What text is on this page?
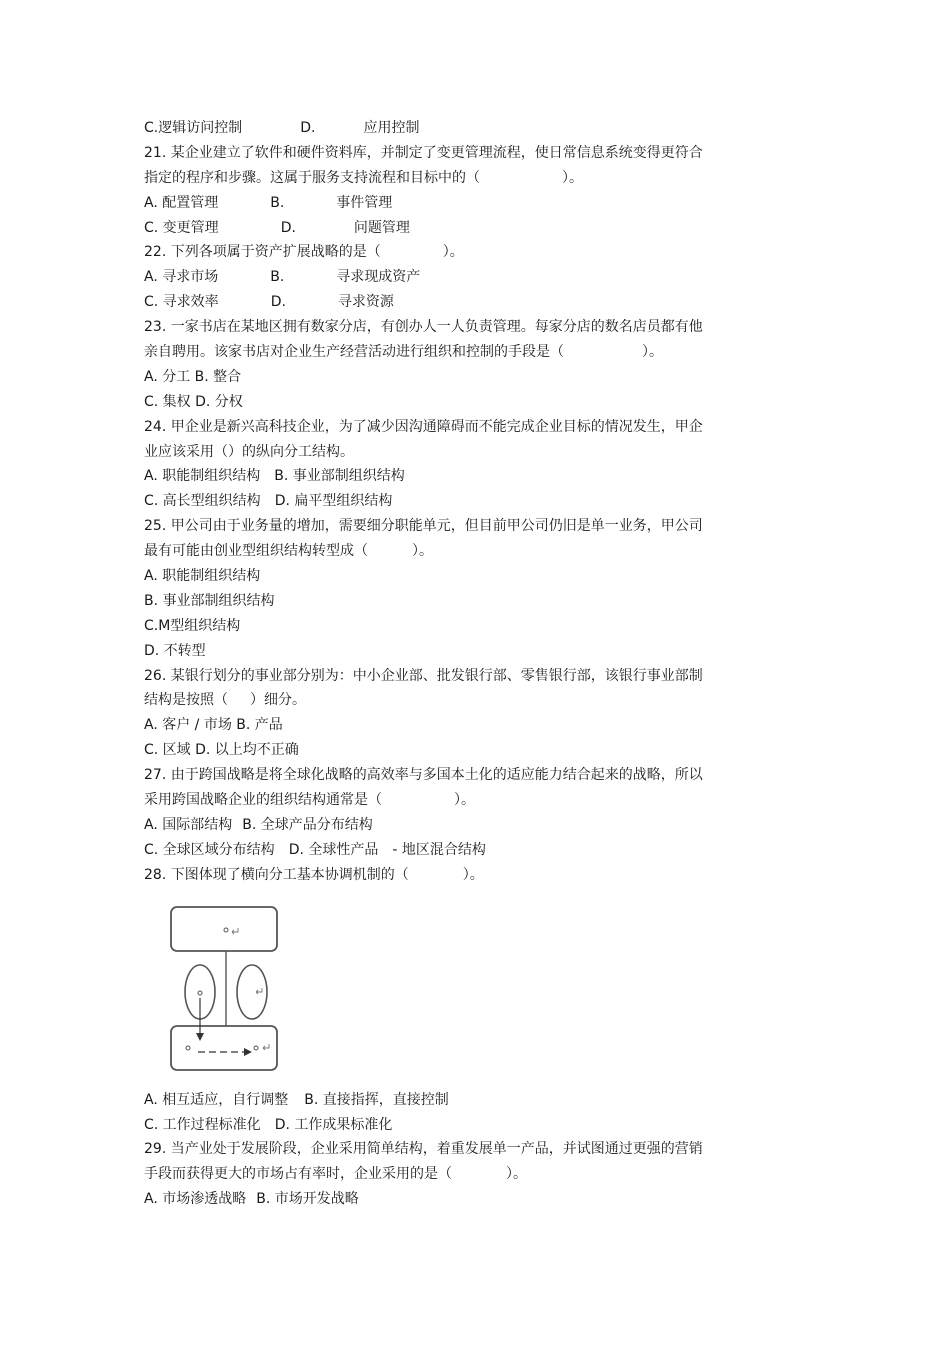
C.逻辑访问控制	D.	应用控制
21. 某企业建立了软件和硬件资料库，并制定了变更管理流程，使日常信息系统变得更符合
指定的程序和步骤。这属于服务支持流程和目标中的（	）。
A. 配置管理	B.	事件管理
C. 变更管理	D.	问题管理
22. 下列各项属于资产扩展战略的是（	）。
A. 寻求市场	B.	寻求现成资产
C. 寻求效率	D.	寻求资源
23. 一家书店在某地区拥有数家分店，有创办人一人负责管理。每家分店的数名店员都有他
亲自聘用。该家书店对企业生产经营活动进行组织和控制的手段是（	）。
A. 分工 B. 整合
C. 集权 D. 分权
24. 甲企业是新兴高科技企业，为了减少因沟通障碍而不能完成企业目标的情况发生，甲企
业应该采用（）的纵向分工结构。
A. 职能制组织结构 B. 事业部制组织结构
C. 高长型组织结构 D. 扁平型组织结构
25. 甲公司由于业务量的增加，需要细分职能单元，但目前甲公司仍旧是单一业务，甲公司
最有可能由创业型组织结构转型成（	）。
A. 职能制组织结构
B. 事业部制组织结构
C.M型组织结构
D. 不转型
26. 某银行划分的事业部分别为：中小企业部、批发银行部、零售银行部，该银行事业部制
结构是按照（ ）细分。
A. 客户 / 市场 B. 产品
C. 区域 D. 以上均不正确
27. 由于跨国战略是将全球化战略的高效率与多国本土化的适应能力结合起来的战略，所以
采用跨国战略企业的组织结构通常是（	）。
A. 国际部结构 B. 全球产品分布结构
C. 全球区域分布结构 D. 全球性产品 - 地区混合结构
28. 下图体现了横向分工基本协调机制的（	）。
A. 相互适应，自行调整 B. 直接指挥，直接控制
C. 工作过程标准化 D. 工作成果标准化
29. 当产业处于发展阶段，企业采用简单结构，着重发展单一产品，并试图通过更强的营销
手段而获得更大的市场占有率时，企业采用的是（	）。
A. 市场渗透战略 B. 市场开发战略
